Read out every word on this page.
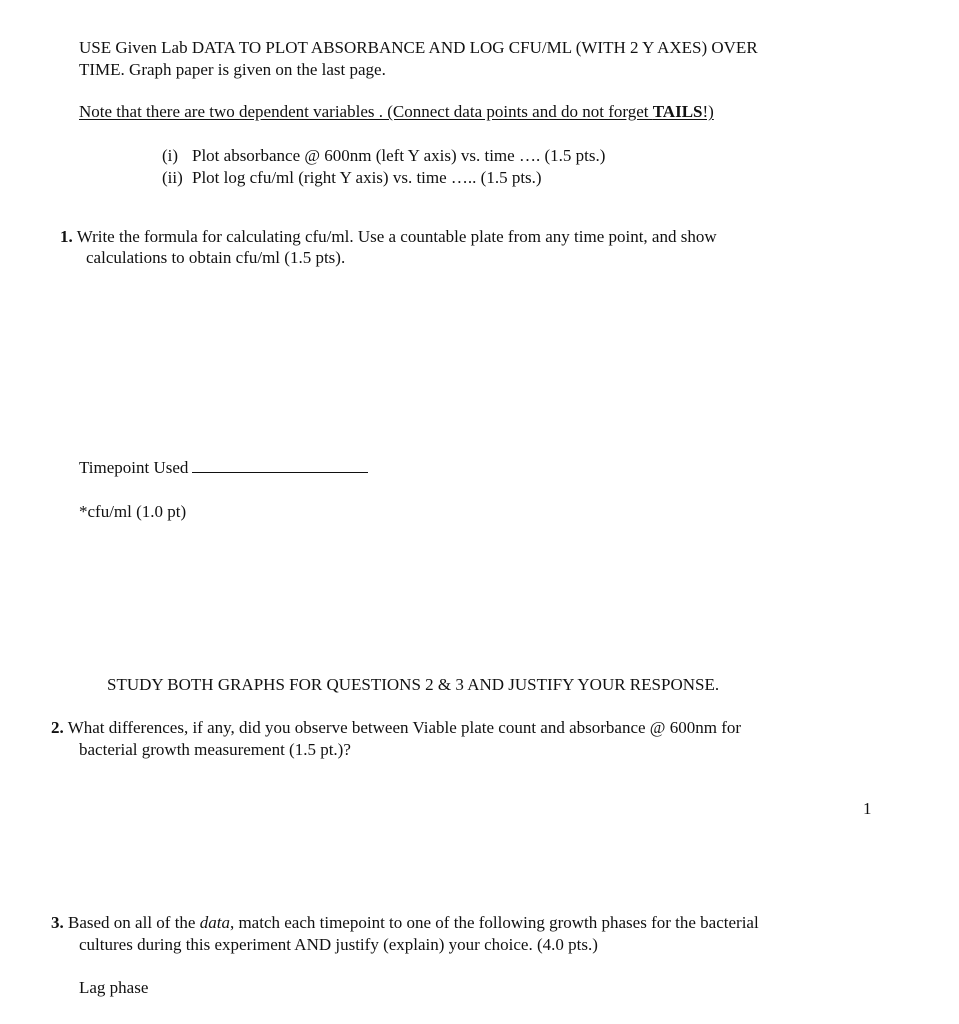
USE Given Lab DATA TO PLOT ABSORBANCE AND LOG CFU/ML (WITH 2 Y AXES) OVER
TIME. Graph paper is given on the last page.
Note that there are two dependent variables . (Connect data points and do not forget TAILS!)
(i) Plot absorbance @ 600nm (left Y axis) vs. time …. (1.5 pts.)
(ii) Plot log cfu/ml (right Y axis) vs. time ….. (1.5 pts.)
1. Write the formula for calculating cfu/ml. Use a countable plate from any time point, and show
calculations to obtain cfu/ml (1.5 pts).
Timepoint Used
*cfu/ml (1.0 pt)
STUDY BOTH GRAPHS FOR QUESTIONS 2 & 3 AND JUSTIFY YOUR RESPONSE.
2. What differences, if any, did you observe between Viable plate count and absorbance @ 600nm for
bacterial growth measurement (1.5 pt.)?
1
3. Based on all of the data, match each timepoint to one of the following growth phases for the bacterial
cultures during this experiment AND justify (explain) your choice. (4.0 pts.)
Lag phase
